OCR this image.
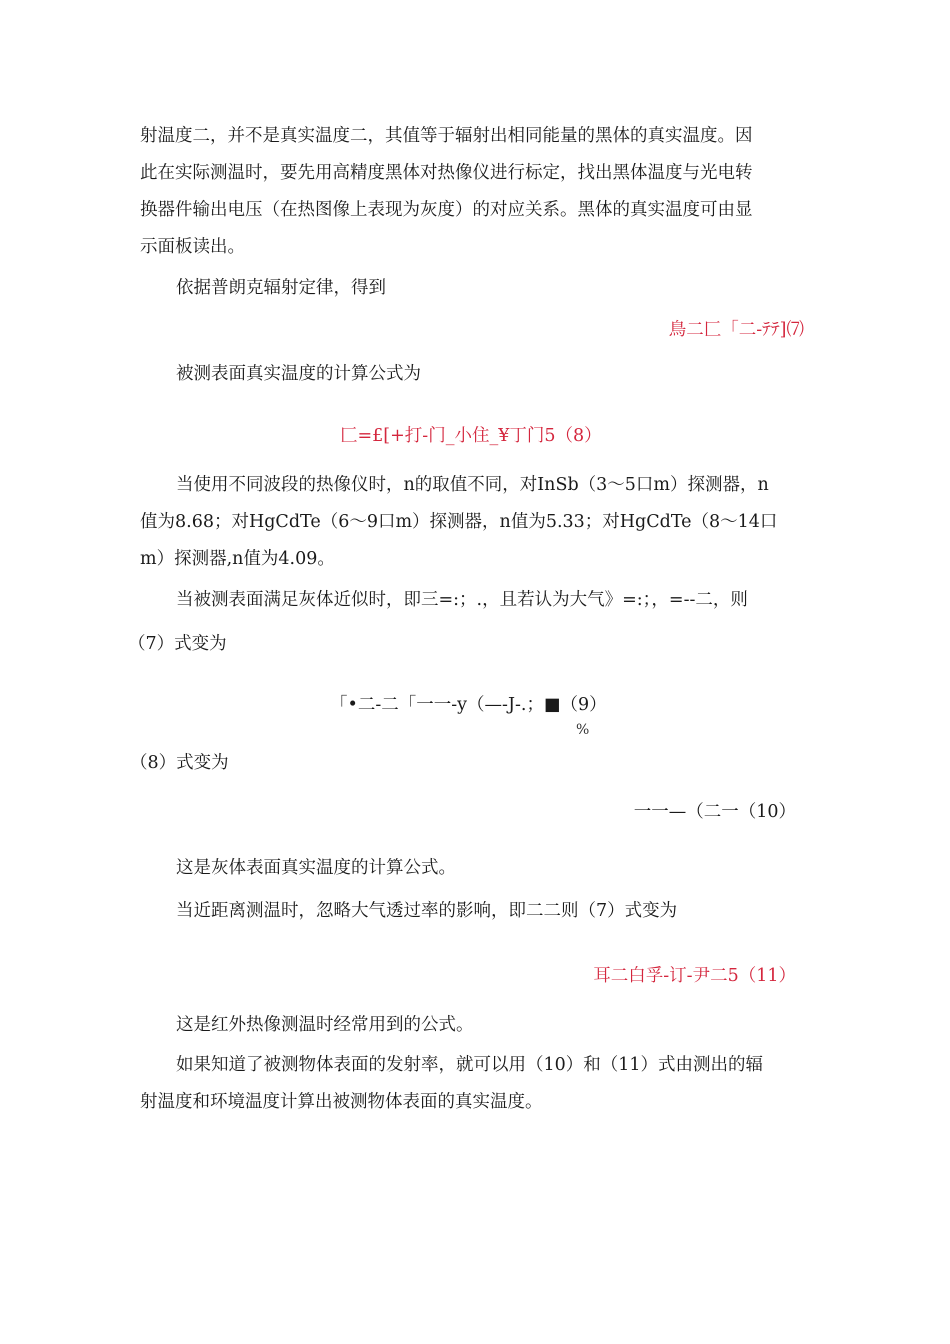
射温度二，并不是真实温度二，其值等于辐射出相同能量的黑体的真实温度。因
此在实际测温时，要先用高精度黑体对热像仪进行标定，找出黑体温度与光电转
换器件输出电压（在热图像上表现为灰度）的对应关系。黑体的真实温度可由显
示面板读出。
依据普朗克辐射定律，得到
鳥二匚「二-ﾃﾃ]⑺
被测表面真实温度的计算公式为
匚=£[+打-门_小住_¥丁门5（8）
当使用不同波段的热像仪时，n的取值不同，对InSb（3〜5口m）探测器，n
值为8.68；对HgCdTe（6〜9口m）探测器，n值为5.33；对HgCdTe（8〜14口
m）探测器,n值为4.09。
当被测表面满足灰体近似时，即三=:；.，且若认为大气》=:；，=--二，则
（7）式变为
「•二-二「一一-y（—-J-.；■（9）
%
（8）式变为
一一—（二一（10）
这是灰体表面真实温度的计算公式。
当近距离测温时，忽略大气透过率的影响，即二二则（7）式变为
耳二白孚-订-尹二5（11）
这是红外热像测温时经常用到的公式。
如果知道了被测物体表面的发射率，就可以用（10）和（11）式由测出的辐
射温度和环境温度计算出被测物体表面的真实温度。
